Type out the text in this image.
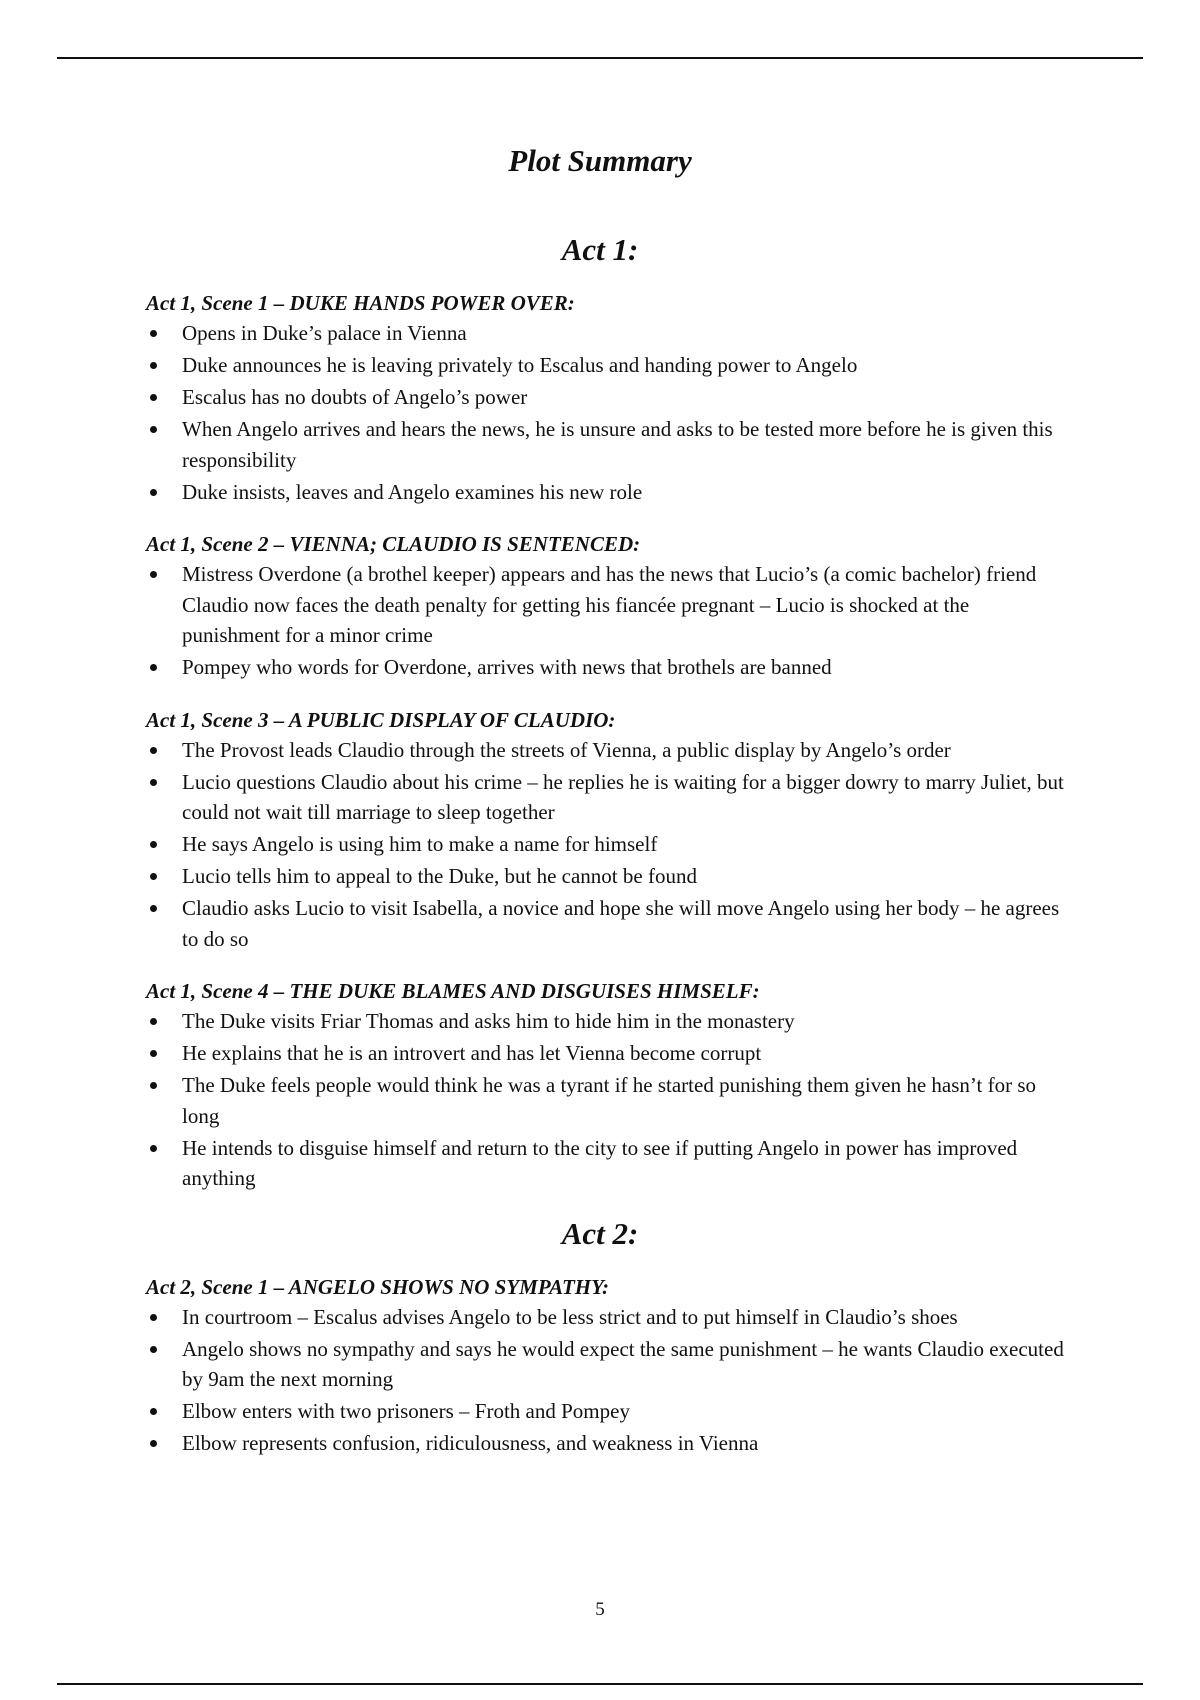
Plot Summary
Act 1:
Act 1, Scene 1 – DUKE HANDS POWER OVER:
Opens in Duke’s palace in Vienna
Duke announces he is leaving privately to Escalus and handing power to Angelo
Escalus has no doubts of Angelo’s power
When Angelo arrives and hears the news, he is unsure and asks to be tested more before he is given this responsibility
Duke insists, leaves and Angelo examines his new role
Act 1, Scene 2 – VIENNA; CLAUDIO IS SENTENCED:
Mistress Overdone (a brothel keeper) appears and has the news that Lucio’s (a comic bachelor) friend Claudio now faces the death penalty for getting his fiancée pregnant – Lucio is shocked at the punishment for a minor crime
Pompey who words for Overdone, arrives with news that brothels are banned
Act 1, Scene 3 – A PUBLIC DISPLAY OF CLAUDIO:
The Provost leads Claudio through the streets of Vienna, a public display by Angelo’s order
Lucio questions Claudio about his crime – he replies he is waiting for a bigger dowry to marry Juliet, but could not wait till marriage to sleep together
He says Angelo is using him to make a name for himself
Lucio tells him to appeal to the Duke, but he cannot be found
Claudio asks Lucio to visit Isabella, a novice and hope she will move Angelo using her body – he agrees to do so
Act 1, Scene 4 – THE DUKE BLAMES AND DISGUISES HIMSELF:
The Duke visits Friar Thomas and asks him to hide him in the monastery
He explains that he is an introvert and has let Vienna become corrupt
The Duke feels people would think he was a tyrant if he started punishing them given he hasn’t for so long
He intends to disguise himself and return to the city to see if putting Angelo in power has improved anything
Act 2:
Act 2, Scene 1 – ANGELO SHOWS NO SYMPATHY:
In courtroom – Escalus advises Angelo to be less strict and to put himself in Claudio’s shoes
Angelo shows no sympathy and says he would expect the same punishment – he wants Claudio executed by 9am the next morning
Elbow enters with two prisoners – Froth and Pompey
Elbow represents confusion, ridiculousness, and weakness in Vienna
5
